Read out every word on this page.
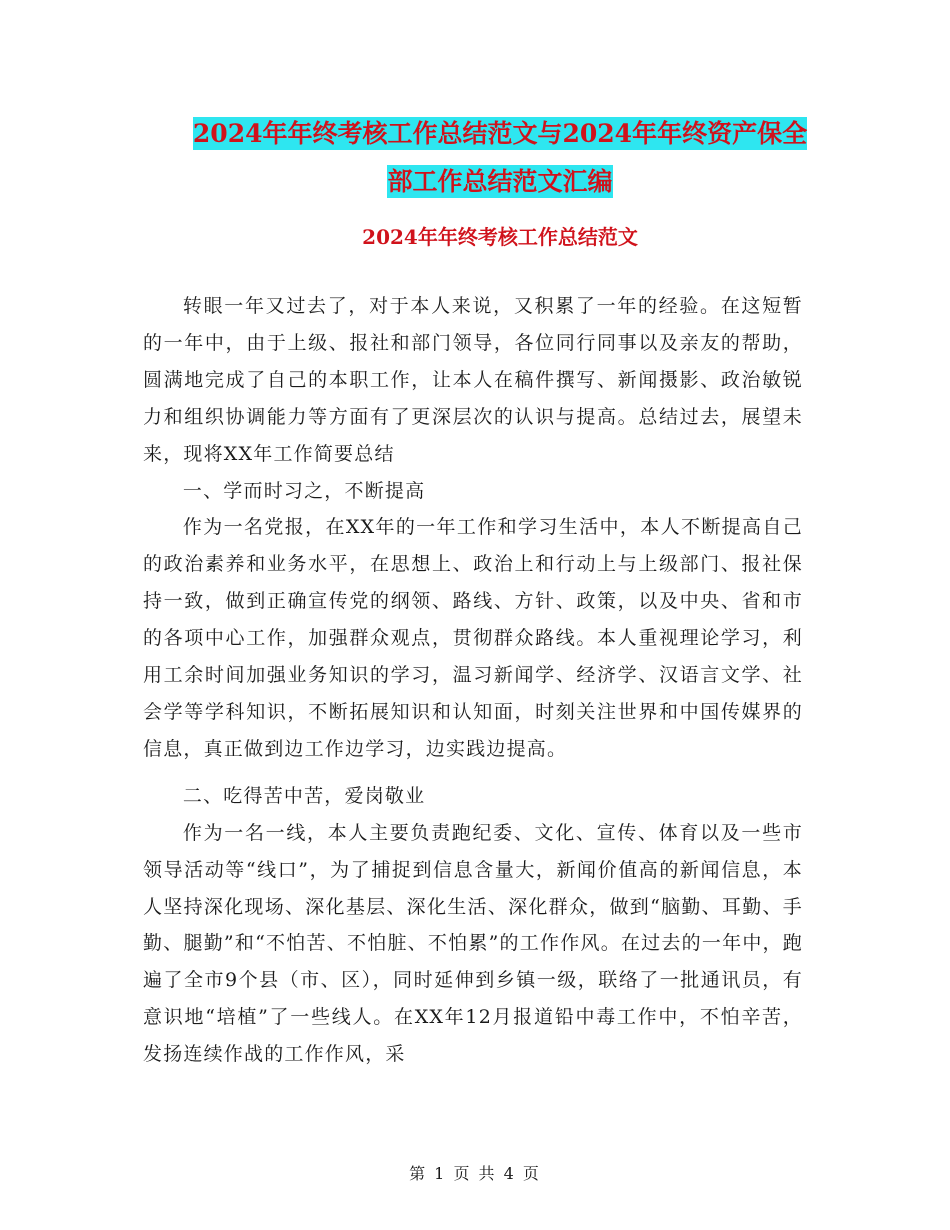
2024年年终考核工作总结范文与2024年年终资产保全
部工作总结范文汇编
2024年年终考核工作总结范文

转眼一年又过去了，对于本人来说，又积累了一年的经验。在这短暂的一年中，由于上级、报社和部门领导，各位同行同事以及亲友的帮助，圆满地完成了自己的本职工作，让本人在稿件撰写、新闻摄影、政治敏锐力和组织协调能力等方面有了更深层次的认识与提高。总结过去，展望未来，现将XX年工作简要总结

一、学而时习之，不断提高

作为一名党报，在XX年的一年工作和学习生活中，本人不断提高自己的政治素养和业务水平，在思想上、政治上和行动上与上级部门、报社保持一致，做到正确宣传党的纲领、路线、方针、政策，以及中央、省和市的各项中心工作，加强群众观点，贯彻群众路线。本人重视理论学习，利用工余时间加强业务知识的学习，温习新闻学、经济学、汉语言文学、社会学等学科知识，不断拓展知识和认知面，时刻关注世界和中国传媒界的信息，真正做到边工作边学习，边实践边提高。

二、吃得苦中苦，爱岗敬业

作为一名一线，本人主要负责跑纪委、文化、宣传、体育以及一些市领导活动等“线口”，为了捕捉到信息含量大，新闻价值高的新闻信息，本人坚持深化现场、深化基层、深化生活、深化群众，做到“脑勤、耳勤、手勤、腿勤”和“不怕苦、不怕脏、不怕累”的工作作风。在过去的一年中，跑遍了全市9个县（市、区），同时延伸到乡镇一级，联络了一批通讯员，有意识地“培植”了一些线人。在XX年12月报道铅中毒工作中，不怕辛苦，发扬连续作战的工作作风，采

第 1 页 共 4 页
